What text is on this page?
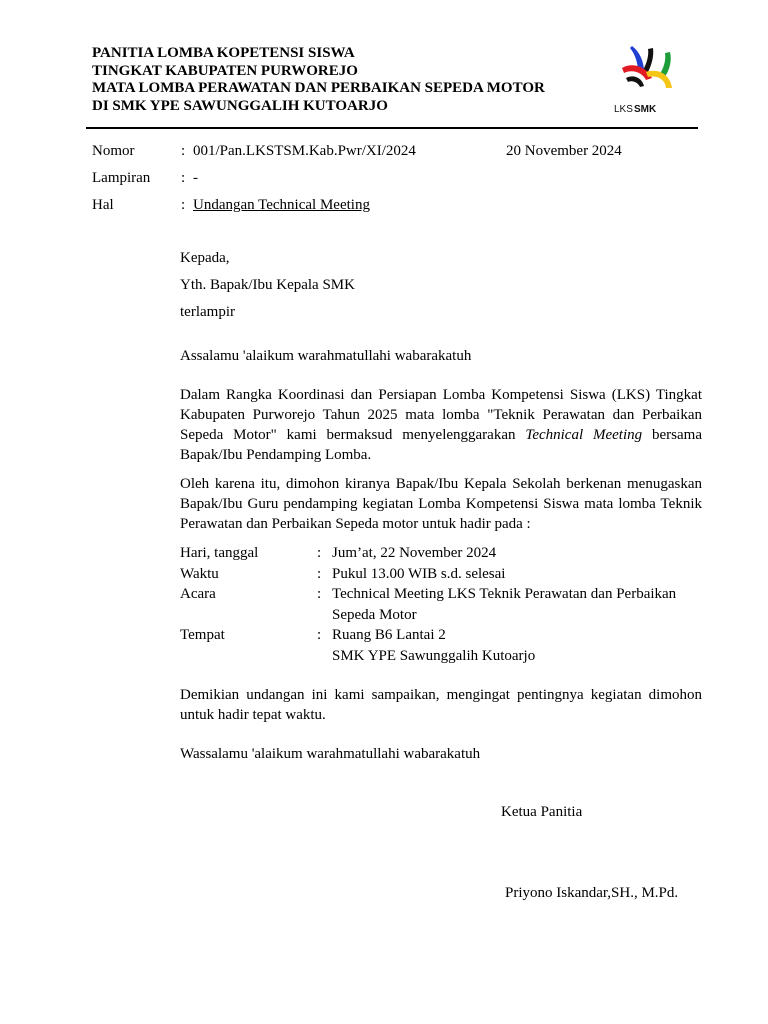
PANITIA LOMBA KOPETENSI SISWA
TINGKAT KABUPATEN PURWOREJO
MATA LOMBA PERAWATAN DAN PERBAIKAN SEPEDA MOTOR
DI SMK YPE SAWUNGGALIH KUTOARJO	LKS SMK
Nomor	: 001/Pan.LKSTSM.Kab.Pwr/XI/2024	20 November 2024
Lampiran : -
Hal	: Undangan Technical Meeting
Kepada,
Yth. Bapak/Ibu Kepala SMK
terlampir
Assalamu 'alaikum warahmatullahi wabarakatuh

Dalam Rangka Koordinasi dan Persiapan Lomba Kompetensi Siswa (LKS) Tingkat Kabupaten Purworejo Tahun 2025 mata lomba "Teknik Perawatan dan Perbaikan Sepeda Motor" kami bermaksud menyelenggarakan Technical Meeting bersama Bapak/Ibu Pendamping Lomba.

Oleh karena itu, dimohon kiranya Bapak/Ibu Kepala Sekolah berkenan menugaskan Bapak/Ibu Guru pendamping kegiatan Lomba Kompetensi Siswa mata lomba Teknik Perawatan dan Perbaikan Sepeda motor untuk hadir pada :

Hari, tanggal	: Jum’at, 22 November 2024
Waktu	: Pukul 13.00 WIB s.d. selesai
Acara	: Technical Meeting LKS Teknik Perawatan dan Perbaikan Sepeda Motor
Tempat	: Ruang B6 Lantai 2
SMK YPE Sawunggalih Kutoarjo

Demikian undangan ini kami sampaikan, mengingat pentingnya kegiatan dimohon untuk hadir tepat waktu.

Wassalamu 'alaikum warahmatullahi wabarakatuh
Ketua Panitia
Priyono Iskandar,SH., M.Pd.
